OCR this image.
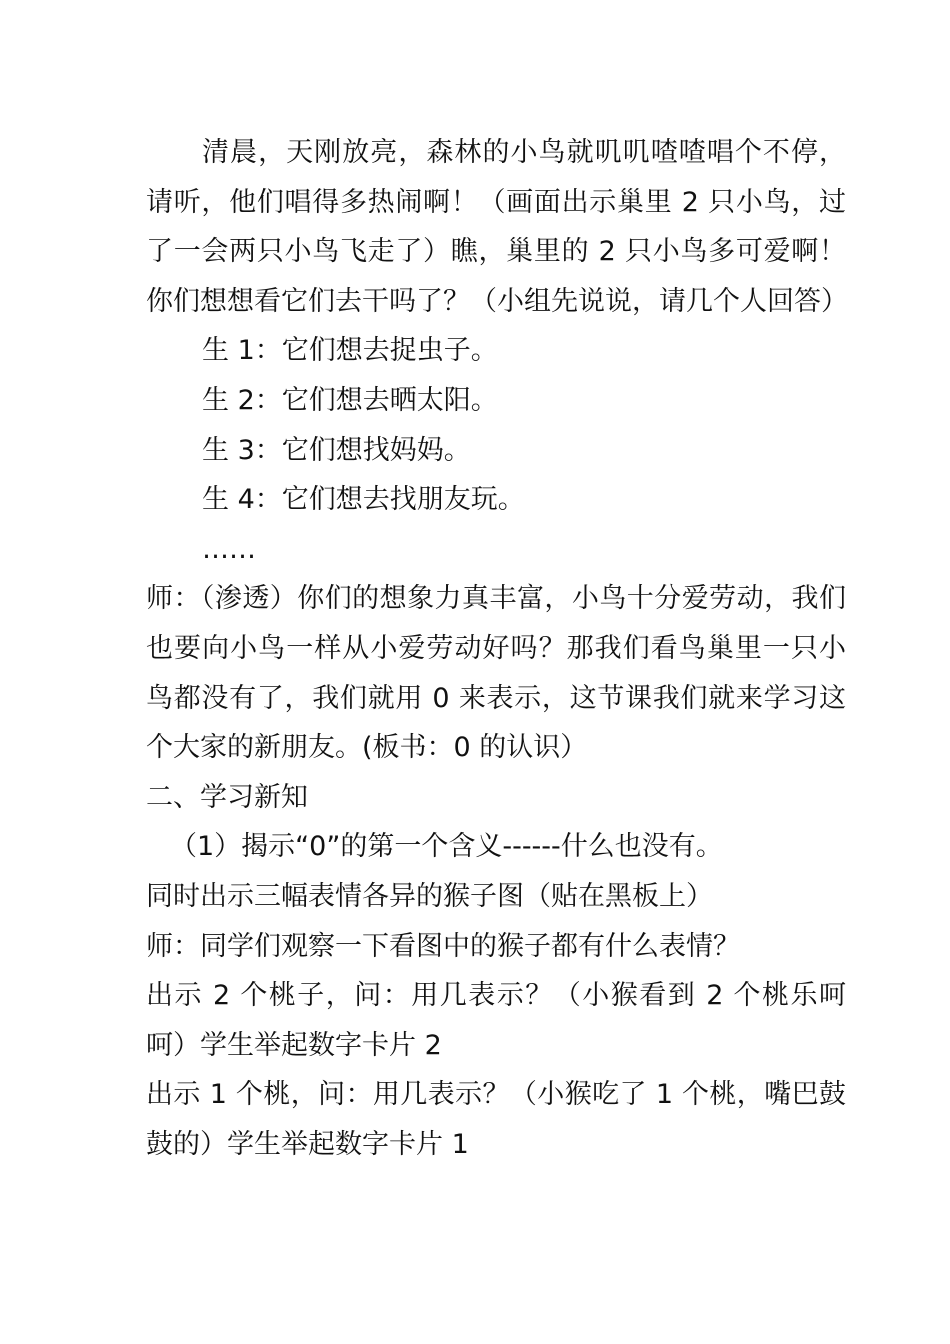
清晨，天刚放亮，森林的小鸟就叽叽喳喳唱个不停，请听，他们唱得多热闹啊！（画面出示巢里 2 只小鸟，过了一会两只小鸟飞走了）瞧，巢里的 2 只小鸟多可爱啊！你们想想看它们去干吗了？（小组先说说，请几个人回答）

生 1：它们想去捉虫子。

生 2：它们想去晒太阳。

生 3：它们想找妈妈。

生 4：它们想去找朋友玩。

……

师：（渗透）你们的想象力真丰富，小鸟十分爱劳动，我们也要向小鸟一样从小爱劳动好吗？那我们看鸟巢里一只小鸟都没有了，我们就用 0 来表示，这节课我们就来学习这个大家的新朋友。(板书：0 的认识）

二、学习新知

（1）揭示“0”的第一个含义------什么也没有。

同时出示三幅表情各异的猴子图（贴在黑板上）

师：同学们观察一下看图中的猴子都有什么表情？

出示 2 个桃子，问：用几表示？（小猴看到 2 个桃乐呵呵）学生举起数字卡片 2

出示 1 个桃，问：用几表示？（小猴吃了 1 个桃，嘴巴鼓鼓的）学生举起数字卡片 1
